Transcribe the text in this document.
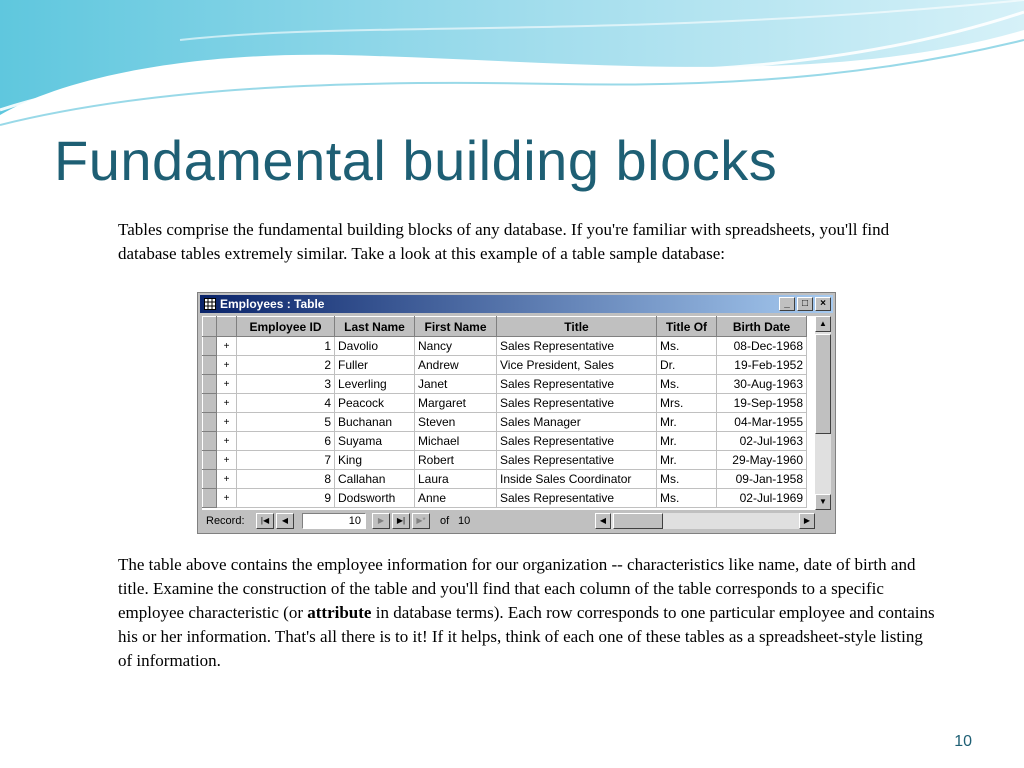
Fundamental building blocks
Tables comprise the fundamental building blocks of any database. If you're familiar with spreadsheets, you'll find database tables extremely similar. Take a look at this example of a table sample database:
Employees : Table	_	□	×
		Employee ID	Last Name	First Name	Title	Title Of	Birth Date
	+	1	Davolio	Nancy	Sales Representative	Ms.	08-Dec-1968
	+	2	Fuller	Andrew	Vice President, Sales	Dr.	19-Feb-1952
	+	3	Leverling	Janet	Sales Representative	Ms.	30-Aug-1963
	+	4	Peacock	Margaret	Sales Representative	Mrs.	19-Sep-1958
	+	5	Buchanan	Steven	Sales Manager	Mr.	04-Mar-1955
	+	6	Suyama	Michael	Sales Representative	Mr.	02-Jul-1963
	+	7	King	Robert	Sales Representative	Mr.	29-May-1960
	+	8	Callahan	Laura	Inside Sales Coordinator	Ms.	09-Jan-1958
	+	9	Dodsworth	Anne	Sales Representative	Ms.	02-Jul-1969
▲
▼
Record:	|◀	◀	10	▶	▶|	▶*	of 10	◀	▶
The table above contains the employee information for our organization -- characteristics like name, date of birth and title. Examine the construction of the table and you'll find that each column of the table corresponds to a specific employee characteristic (or attribute in database terms). Each row corresponds to one particular employee and contains his or her information. That's all there is to it! If it helps, think of each one of these tables as a spreadsheet-style listing of information.
10
